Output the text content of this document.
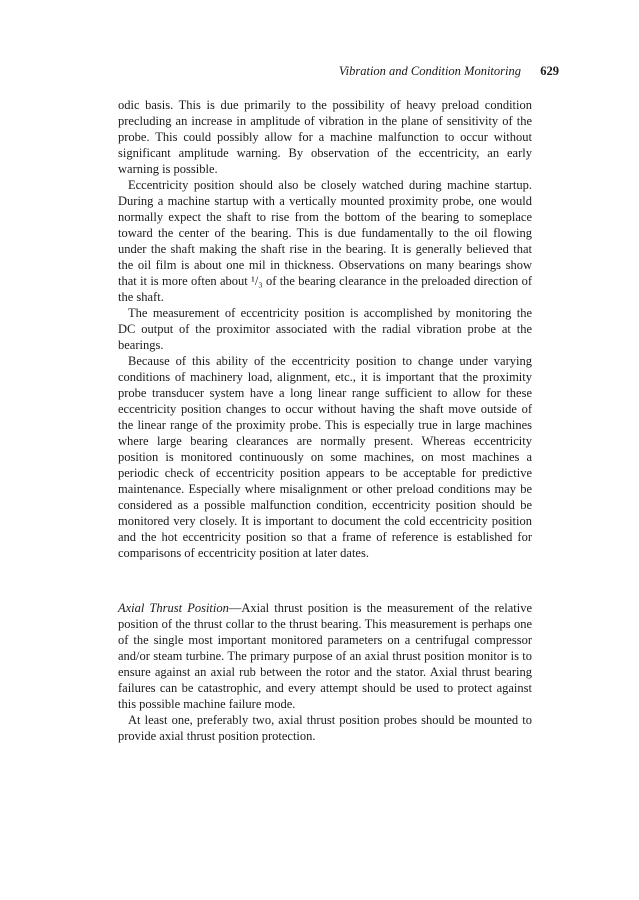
Vibration and Condition Monitoring 629

odic basis. This is due primarily to the possibility of heavy preload condition precluding an increase in amplitude of vibration in the plane of sensitivity of the probe. This could possibly allow for a machine malfunction to occur without significant amplitude warning. By observation of the eccentricity, an early warning is possible.

Eccentricity position should also be closely watched during machine startup. During a machine startup with a vertically mounted proximity probe, one would normally expect the shaft to rise from the bottom of the bearing to someplace toward the center of the bearing. This is due fundamentally to the oil flowing under the shaft making the shaft rise in the bearing. It is generally believed that the oil film is about one mil in thickness. Observations on many bearings show that it is more often about ¹/₃ of the bearing clearance in the preloaded direction of the shaft.

The measurement of eccentricity position is accomplished by monitoring the DC output of the proximitor associated with the radial vibration probe at the bearings.

Because of this ability of the eccentricity position to change under varying conditions of machinery load, alignment, etc., it is important that the proximity probe transducer system have a long linear range sufficient to allow for these eccentricity position changes to occur without having the shaft move outside of the linear range of the proximity probe. This is especially true in large machines where large bearing clearances are normally present. Whereas eccentricity position is monitored continuously on some machines, on most machines a periodic check of eccentricity position appears to be acceptable for predictive maintenance. Especially where misalignment or other preload conditions may be considered as a possible malfunction condition, eccentricity position should be monitored very closely. It is important to document the cold eccentricity position and the hot eccentricity position so that a frame of reference is established for comparisons of eccentricity position at later dates.

Axial Thrust Position—Axial thrust position is the measurement of the relative position of the thrust collar to the thrust bearing. This measurement is perhaps one of the single most important monitored parameters on a centrifugal compressor and/or steam turbine. The primary purpose of an axial thrust position monitor is to ensure against an axial rub between the rotor and the stator. Axial thrust bearing failures can be catastrophic, and every attempt should be used to protect against this possible machine failure mode.

At least one, preferably two, axial thrust position probes should be mounted to provide axial thrust position protection.
